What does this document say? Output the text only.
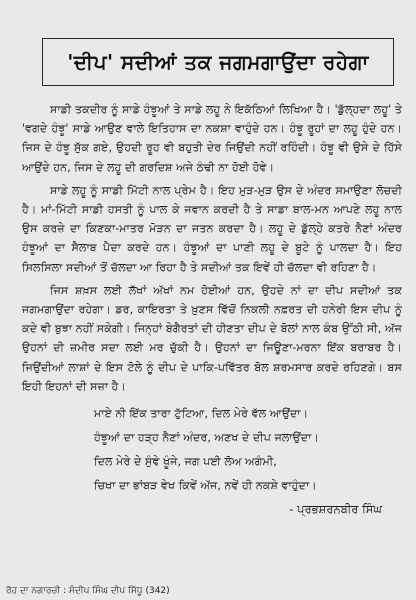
'ਦੀਪ' ਸਦੀਆਂ ਤਕ ਜਗਮਗਾਉਂਦਾ ਰਹੇਗਾ

ਸਾਡੀ ਤਕਦੀਰ ਨੂੰ ਸਾਡੇ ਹੰਝੂਆਂ ਤੇ ਸਾਡੇ ਲਹੂ ਨੇ ਇਕੱਠਿਆਂ ਲਿਖਿਆ ਹੈ। 'ਡੁੱਲ੍ਹਦਾ ਲਹੂ' ਤੇ 'ਵਗਦੇ ਹੰਝੂ' ਸਾਡੇ ਆਉਣ ਵਾਲੇ ਇਤਿਹਾਸ ਦਾ ਨਕਸ਼ਾ ਵਾਹੁੰਦੇ ਹਨ। ਹੰਝੂ ਰੂਹਾਂ ਦਾ ਲਹੂ ਹੁੰਦੇ ਹਨ। ਜਿਸ ਦੇ ਹੰਝੂ ਸੁੱਕ ਗਏ, ਉਹਦੀ ਰੂਹ ਵੀ ਬਹੁਤੀ ਦੇਰ ਜਿਉਂਦੀ ਨਹੀਂ ਰਹਿੰਦੀ। ਹੰਝੂ ਵੀ ਉਸੇ ਦੇ ਹਿੱਸੇ ਆਉਂਦੇ ਹਨ, ਜਿਸ ਦੇ ਲਹੂ ਦੀ ਗਰਦਿਸ਼ ਅਜੇ ਠੰਢੀ ਨਾ ਹੋਈ ਹੋਵੇ।

ਸਾਡੇ ਲਹੂ ਨੂੰ ਸਾਡੀ ਮਿੱਟੀ ਨਾਲ ਪ੍ਰੇਮ ਹੈ। ਇਹ ਮੁੜ-ਮੁੜ ਉਸ ਦੇ ਅੰਦਰ ਸਮਾਉਣਾ ਲੋਚਦੀ ਹੈ। ਮਾਂ-ਮਿੱਟੀ ਸਾਡੀ ਹਸਤੀ ਨੂੰ ਪਾਲ ਕੇ ਜਵਾਨ ਕਰਦੀ ਹੈ ਤੇ ਸਾਡਾ ਬਾਲ-ਮਨ ਆਪਣੇ ਲਹੂ ਨਾਲ ਉਸ ਕਰਜ਼ੇ ਦਾ ਕਿਣਕਾ-ਮਾਤਰ ਮੋੜਨ ਦਾ ਜਤਨ ਕਰਦਾ ਹੈ। ਲਹੂ ਦੇ ਡੁੱਲ੍ਹੇ ਕਤਰੇ ਨੈਣਾਂ ਅੰਦਰ ਹੰਝੂਆਂ ਦਾ ਸੈਲਾਬ ਪੈਦਾ ਕਰਦੇ ਹਨ। ਹੰਝੂਆਂ ਦਾ ਪਾਣੀ ਲਹੂ ਦੇ ਬੂਟੇ ਨੂੰ ਪਾਲਦਾ ਹੈ। ਇਹ ਸਿਲਸਿਲਾ ਸਦੀਆਂ ਤੋਂ ਚੱਲਦਾ ਆ ਰਿਹਾ ਹੈ ਤੇ ਸਦੀਆਂ ਤਕ ਇਵੇਂ ਹੀ ਚੱਲਦਾ ਵੀ ਰਹਿਣਾ ਹੈ।

ਜਿਸ ਸ਼ਖ਼ਸ ਲਈ ਲੱਖਾਂ ਅੱਖਾਂ ਨਮ ਹੋਈਆਂ ਹਨ, ਉਹਦੇ ਨਾਂ ਦਾ ਦੀਪ ਸਦੀਆਂ ਤਕ ਜਗਮਗਾਉਂਦਾ ਰਹੇਗਾ। ਡਰ, ਕਾਇਰਤਾ ਤੇ ਖ਼ੁਣਸ ਵਿੱਚੋਂ ਨਿਕਲੀ ਨਫ਼ਰਤ ਦੀ ਹਨੇਰੀ ਇਸ ਦੀਪ ਨੂੰ ਕਦੇ ਵੀ ਬੁਝਾ ਨਹੀਂ ਸਕੇਗੀ। ਜਿਨ੍ਹਾਂ ਬੇਗੈਰਤਾਂ ਦੀ ਹੀਣਤਾ ਦੀਪ ਦੇ ਬੋਲਾਂ ਨਾਲ ਕੰਬ ਉੱਠੀ ਸੀ, ਅੱਜ ਉਹਨਾਂ ਦੀ ਜ਼ਮੀਰ ਸਦਾ ਲਈ ਮਰ ਚੁੱਕੀ ਹੈ। ਉਹਨਾਂ ਦਾ ਜਿਊਣਾ-ਮਰਨਾ ਇੱਕ ਬਰਾਬਰ ਹੈ। ਜਿਉਂਦੀਆਂ ਲਾਸ਼ਾਂ ਦੇ ਇਸ ਟੋਲੇ ਨੂੰ ਦੀਪ ਦੇ ਪਾਕਿ-ਪਵਿੱਤਰ ਬੋਲ ਸ਼ਰਮਸਾਰ ਕਰਦੇ ਰਹਿਣਗੇ। ਬਸ ਇਹੀ ਇਹਨਾਂ ਦੀ ਸਜ਼ਾ ਹੈ।

ਮਾਏ ਨੀ ਇੱਕ ਤਾਰਾ ਟੁੱਟਿਆ, ਦਿਲ ਮੇਰੇ ਵੱਲ ਆਉਂਦਾ।
ਹੰਝੂਆਂ ਦਾ ਹੜ੍ਹ ਨੈਣਾਂ ਅੰਦਰ, ਅਣਖ ਦੇ ਦੀਪ ਜਲਾਉਂਦਾ।
ਦਿਲ ਮੇਰੇ ਦੇ ਸੁੰਞੇ ਖੂੰਜੇ, ਜਗ ਪਈ ਲੋਅ ਅਗੰਮੀ,
ਚਿਖਾ ਦਾ ਭਾਂਬੜ ਵੇਖ ਕਿਵੇਂ ਅੱਜ, ਨਵੇਂ ਹੀ ਨਕਸ਼ੇ ਵਾਹੁੰਦਾ।
- ਪ੍ਰਭਸ਼ਰਨਬੀਰ ਸਿੰਘ
ਰੋਹ ਦਾ ਨਗਾਰਚੀ : ਸੰਦੀਪ ਸਿੰਘ ਦੀਪ ਸਿੱਧੂ (342)
